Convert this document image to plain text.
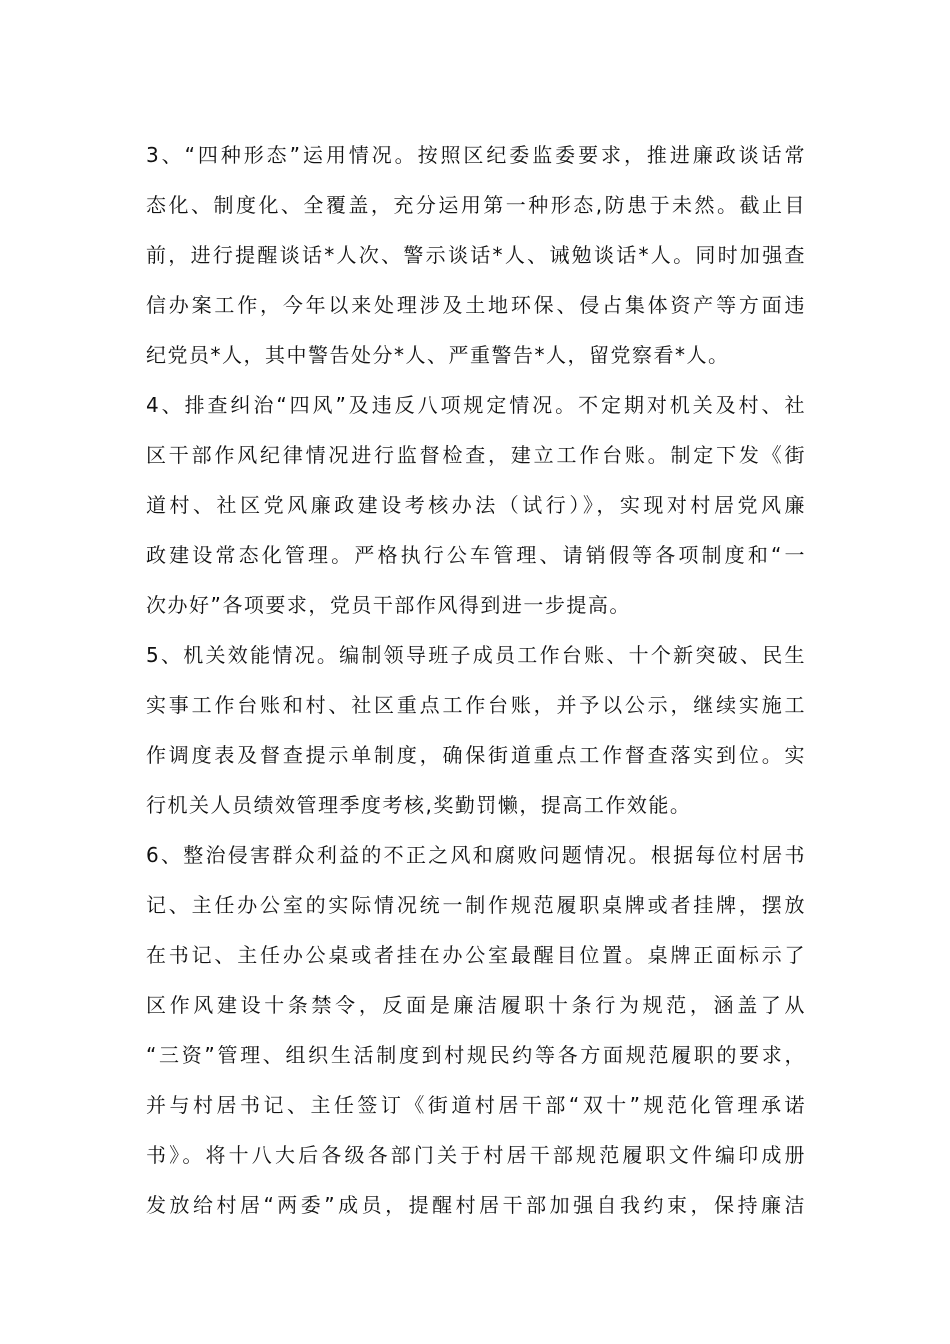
3、“四种形态”运用情况。按照区纪委监委要求，推进廉政谈话常
态化、制度化、全覆盖，充分运用第一种形态,防患于未然。截止目
前，进行提醒谈话*人次、警示谈话*人、诫勉谈话*人。同时加强查
信办案工作，今年以来处理涉及土地环保、侵占集体资产等方面违
纪党员*人，其中警告处分*人、严重警告*人，留党察看*人。
4、排查纠治“四风”及违反八项规定情况。不定期对机关及村、社
区干部作风纪律情况进行监督检查，建立工作台账。制定下发《街
道村、社区党风廉政建设考核办法（试行）》，实现对村居党风廉
政建设常态化管理。严格执行公车管理、请销假等各项制度和“一
次办好”各项要求，党员干部作风得到进一步提高。
5、机关效能情况。编制领导班子成员工作台账、十个新突破、民生
实事工作台账和村、社区重点工作台账，并予以公示，继续实施工
作调度表及督查提示单制度，确保街道重点工作督查落实到位。实
行机关人员绩效管理季度考核,奖勤罚懒，提高工作效能。
6、整治侵害群众利益的不正之风和腐败问题情况。根据每位村居书
记、主任办公室的实际情况统一制作规范履职桌牌或者挂牌，摆放
在书记、主任办公桌或者挂在办公室最醒目位置。桌牌正面标示了
区作风建设十条禁令，反面是廉洁履职十条行为规范，涵盖了从
“三资”管理、组织生活制度到村规民约等各方面规范履职的要求，
并与村居书记、主任签订《街道村居干部“双十”规范化管理承诺
书》。将十八大后各级各部门关于村居干部规范履职文件编印成册
发放给村居“两委”成员，提醒村居干部加强自我约束，保持廉洁
